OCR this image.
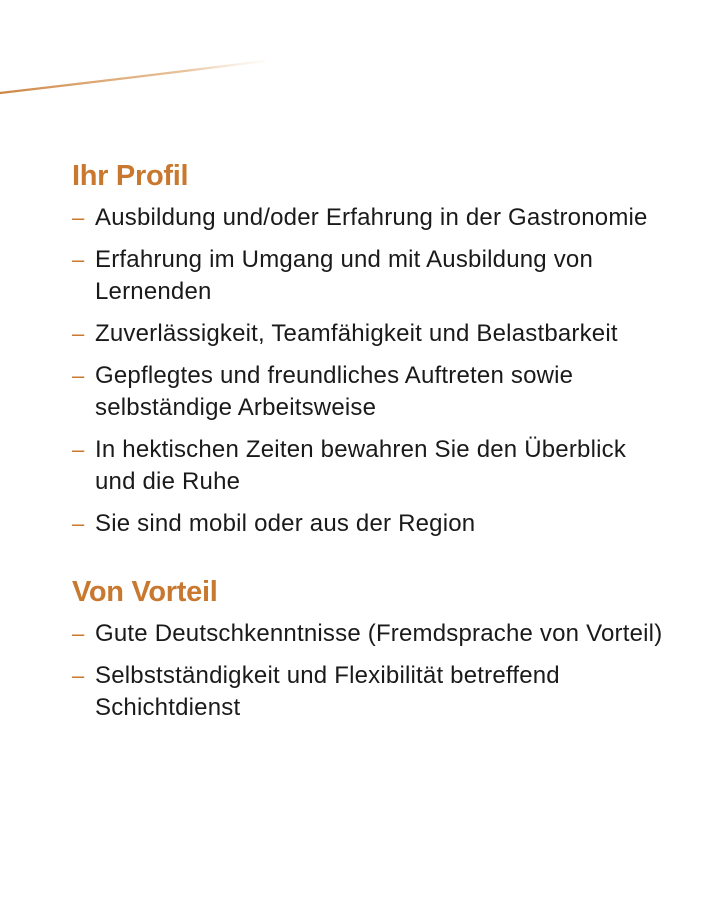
Ihr Profil
– Ausbildung und/oder Erfahrung in der Gastronomie
– Erfahrung im Umgang und mit Ausbildung von Lernenden
– Zuverlässigkeit, Teamfähigkeit und Belastbarkeit
– Gepflegtes und freundliches Auftreten sowie selbständige Arbeitsweise
– In hektischen Zeiten bewahren Sie den Überblick und die Ruhe
– Sie sind mobil oder aus der Region
Von Vorteil
– Gute Deutschkenntnisse (Fremdsprache von Vorteil)
– Selbstständigkeit und Flexibilität betreffend Schichtdienst
